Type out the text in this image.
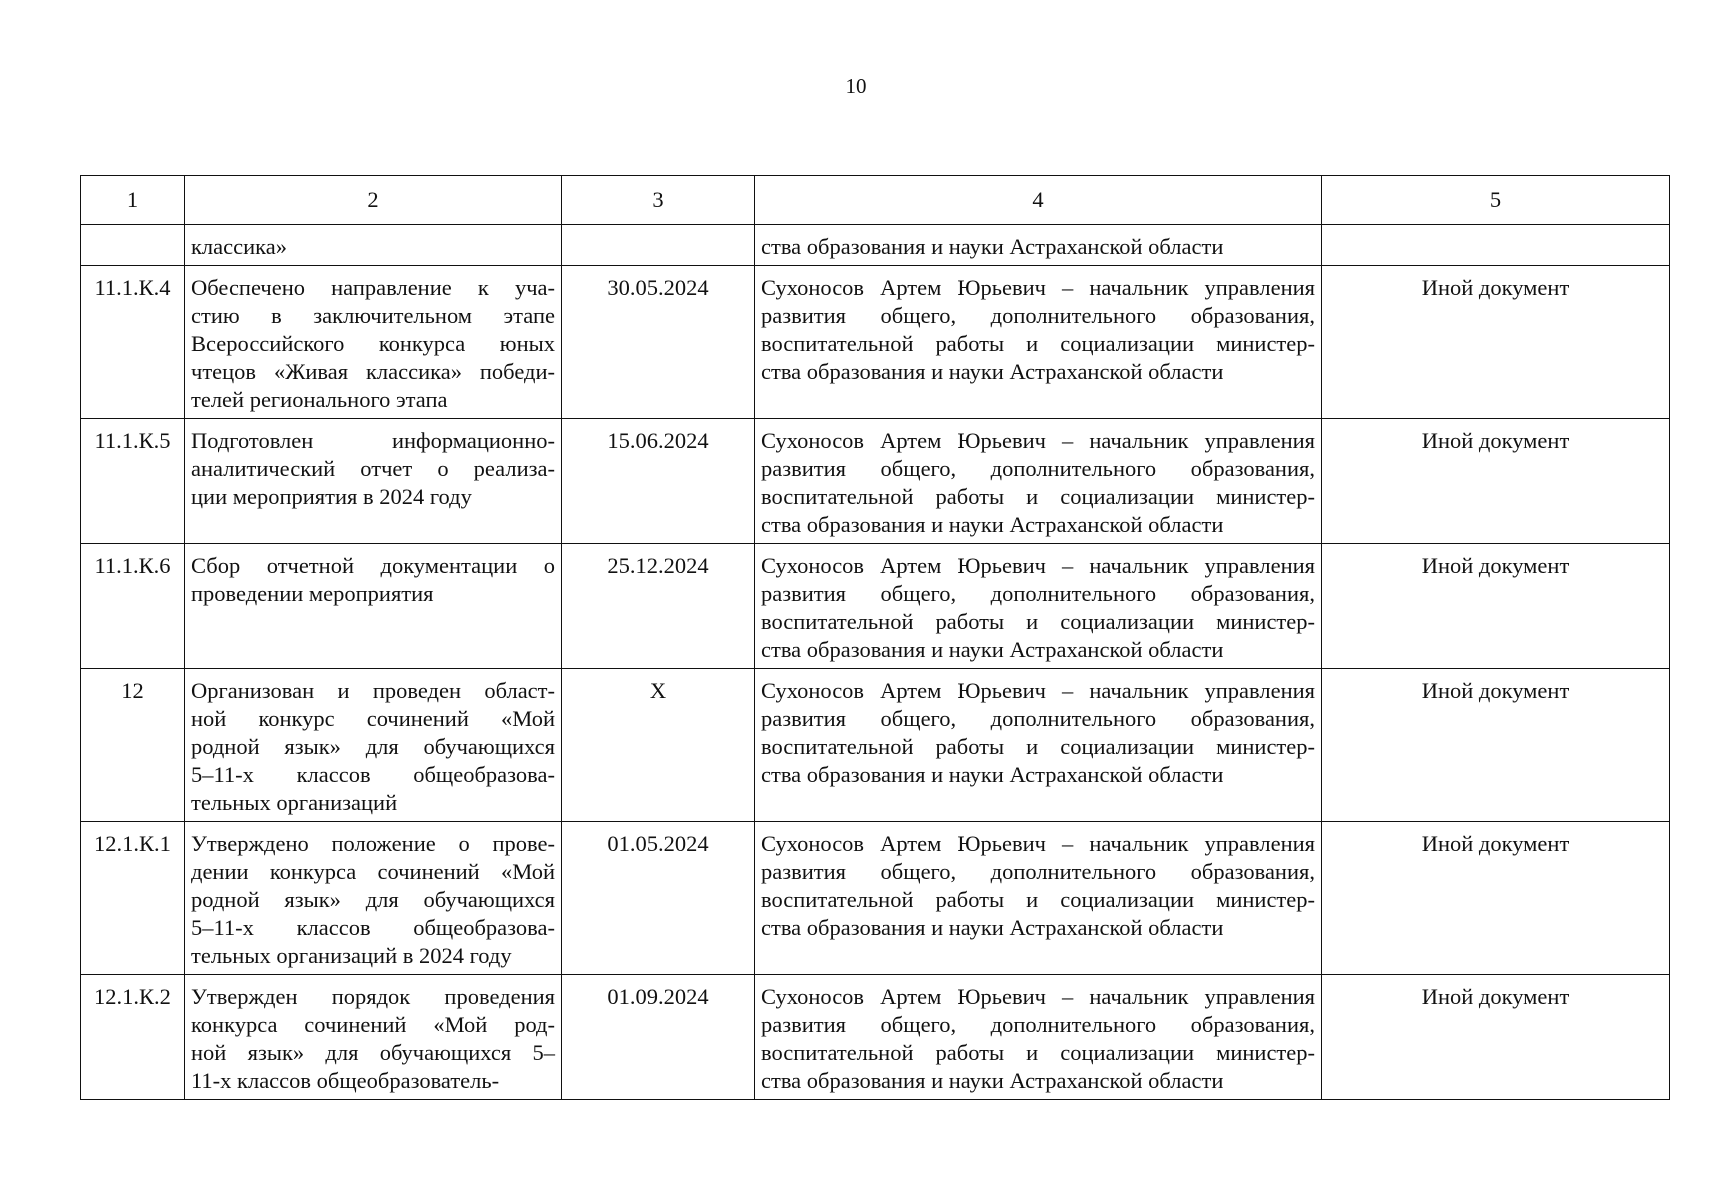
10
1	2	3	4	5

	классика»		ства образования и науки Астраханской области	

11.1.К.4	Обеспечено направление к уча-
стию в заключительном этапе
Всероссийского конкурса юных
чтецов «Живая классика» победи-
телей регионального этапа	30.05.2024	Сухоносов Артем Юрьевич – начальник управления
развития общего, дополнительного образования,
воспитательной работы и социализации министер-
ства образования и науки Астраханской области	Иной документ
11.1.К.5	Подготовлен информационно-
аналитический отчет о реализа-
ции мероприятия в 2024 году	15.06.2024	Сухоносов Артем Юрьевич – начальник управления
развития общего, дополнительного образования,
воспитательной работы и социализации министер-
ства образования и науки Астраханской области	Иной документ
11.1.К.6	Сбор отчетной документации о
проведении мероприятия	25.12.2024	Сухоносов Артем Юрьевич – начальник управления
развития общего, дополнительного образования,
воспитательной работы и социализации министер-
ства образования и науки Астраханской области	Иной документ
12	Организован и проведен област-
ной конкурс сочинений «Мой
родной язык» для обучающихся
5–11-х классов общеобразова-
тельных организаций	X	Сухоносов Артем Юрьевич – начальник управления
развития общего, дополнительного образования,
воспитательной работы и социализации министер-
ства образования и науки Астраханской области	Иной документ
12.1.К.1	Утверждено положение о прове-
дении конкурса сочинений «Мой
родной язык» для обучающихся
5–11-х классов общеобразова-
тельных организаций в 2024 году	01.05.2024	Сухоносов Артем Юрьевич – начальник управления
развития общего, дополнительного образования,
воспитательной работы и социализации министер-
ства образования и науки Астраханской области	Иной документ
12.1.К.2	Утвержден порядок проведения
конкурса сочинений «Мой род-
ной язык» для обучающихся 5–
11-х классов общеобразователь-	01.09.2024	Сухоносов Артем Юрьевич – начальник управления
развития общего, дополнительного образования,
воспитательной работы и социализации министер-
ства образования и науки Астраханской области	Иной документ
